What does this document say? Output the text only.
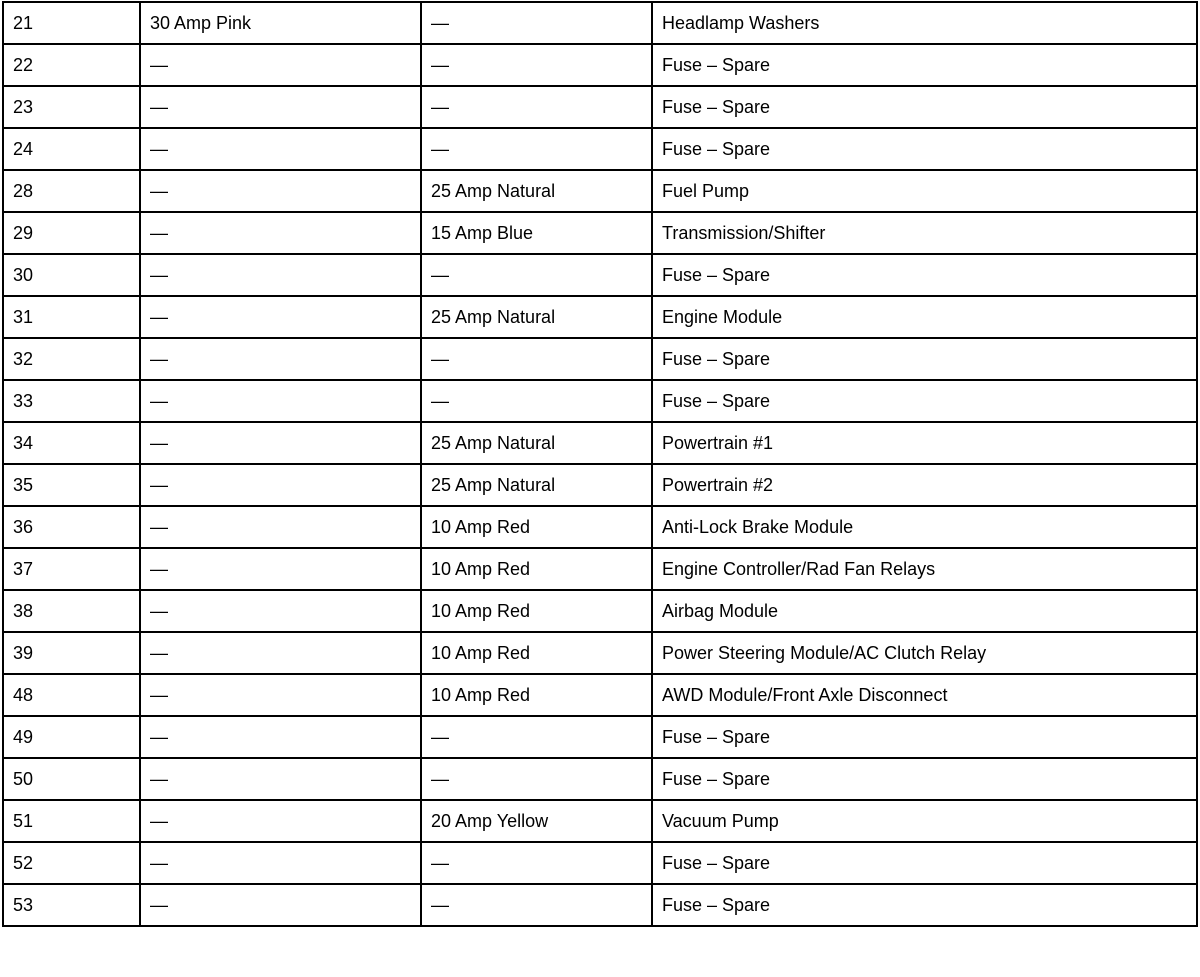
21	30 Amp Pink	—	Headlamp Washers
22	—	—	Fuse – Spare
23	—	—	Fuse – Spare
24	—	—	Fuse – Spare
28	—	25 Amp Natural	Fuel Pump
29	—	15 Amp Blue	Transmission/Shifter
30	—	—	Fuse – Spare
31	—	25 Amp Natural	Engine Module
32	—	—	Fuse – Spare
33	—	—	Fuse – Spare
34	—	25 Amp Natural	Powertrain #1
35	—	25 Amp Natural	Powertrain #2
36	—	10 Amp Red	Anti-Lock Brake Module
37	—	10 Amp Red	Engine Controller/Rad Fan Relays
38	—	10 Amp Red	Airbag Module
39	—	10 Amp Red	Power Steering Module/AC Clutch Relay
48	—	10 Amp Red	AWD Module/Front Axle Disconnect
49	—	—	Fuse – Spare
50	—	—	Fuse – Spare
51	—	20 Amp Yellow	Vacuum Pump
52	—	—	Fuse – Spare
53	—	—	Fuse – Spare
